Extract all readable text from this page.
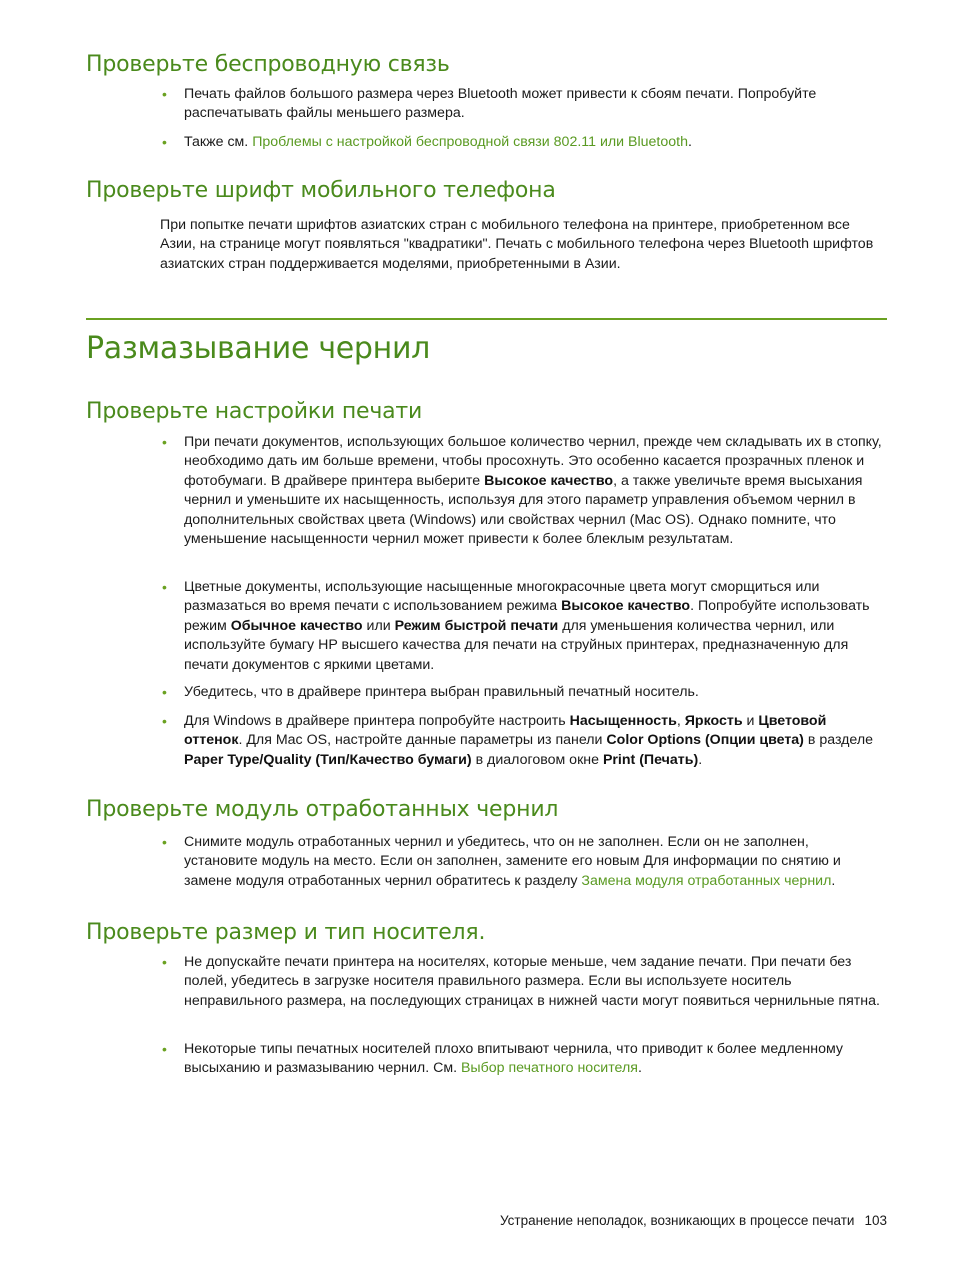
Проверьте беспроводную связь
• Печать файлов большого размера через Bluetooth может привести к сбоям печати. Попробуйте распечатывать файлы меньшего размера.

• Также см. Проблемы с настройкой беспроводной связи 802.11 или Bluetooth.

Проверьте шрифт мобильного телефона

При попытке печати шрифтов азиатских стран с мобильного телефона на принтере, приобретенном все Азии, на странице могут появляться "квадратики". Печать с мобильного телефона через Bluetooth шрифтов азиатских стран поддерживается моделями, приобретенными в Азии.

Размазывание чернил
Проверьте настройки печати
• При печати документов, использующих большое количество чернил, прежде чем складывать их в стопку, необходимо дать им больше времени, чтобы просохнуть. Это особенно касается прозрачных пленок и фотобумаги. В драйвере принтера выберите Высокое качество, а также увеличьте время высыхания чернил и уменьшите их насыщенность, используя для этого параметр управления объемом чернил в дополнительных свойствах цвета (Windows) или свойствах чернил (Mac OS). Однако помните, что уменьшение насыщенности чернил может привести к более блеклым результатам.

• Цветные документы, использующие насыщенные многокрасочные цвета могут сморщиться или размазаться во время печати с использованием режима Высокое качество. Попробуйте использовать режим Обычное качество или Режим быстрой печати для уменьшения количества чернил, или используйте бумагу HP высшего качества для печати на струйных принтерах, предназначенную для печати документов с яркими цветами.

• Убедитесь, что в драйвере принтера выбран правильный печатный носитель.

• Для Windows в драйвере принтера попробуйте настроить Насыщенность, Яркость и Цветовой оттенок. Для Mac OS, настройте данные параметры из панели Color Options (Опции цвета) в разделе Paper Type/Quality (Тип/Качество бумаги) в диалоговом окне Print (Печать).

Проверьте модуль отработанных чернил
• Снимите модуль отработанных чернил и убедитесь, что он не заполнен. Если он не заполнен, установите модуль на место. Если он заполнен, замените его новым Для информации по снятию и замене модуля отработанных чернил обратитесь к разделу Замена модуля отработанных чернил.

Проверьте размер и тип носителя.
• Не допускайте печати принтера на носителях, которые меньше, чем задание печати. При печати без полей, убедитесь в загрузке носителя правильного размера. Если вы используете носитель неправильного размера, на последующих страницах в нижней части могут появиться чернильные пятна.

• Некоторые типы печатных носителей плохо впитывают чернила, что приводит к более медленному высыханию и размазыванию чернил. См. Выбор печатного носителя.

Устранение неполадок, возникающих в процессе печати 103
